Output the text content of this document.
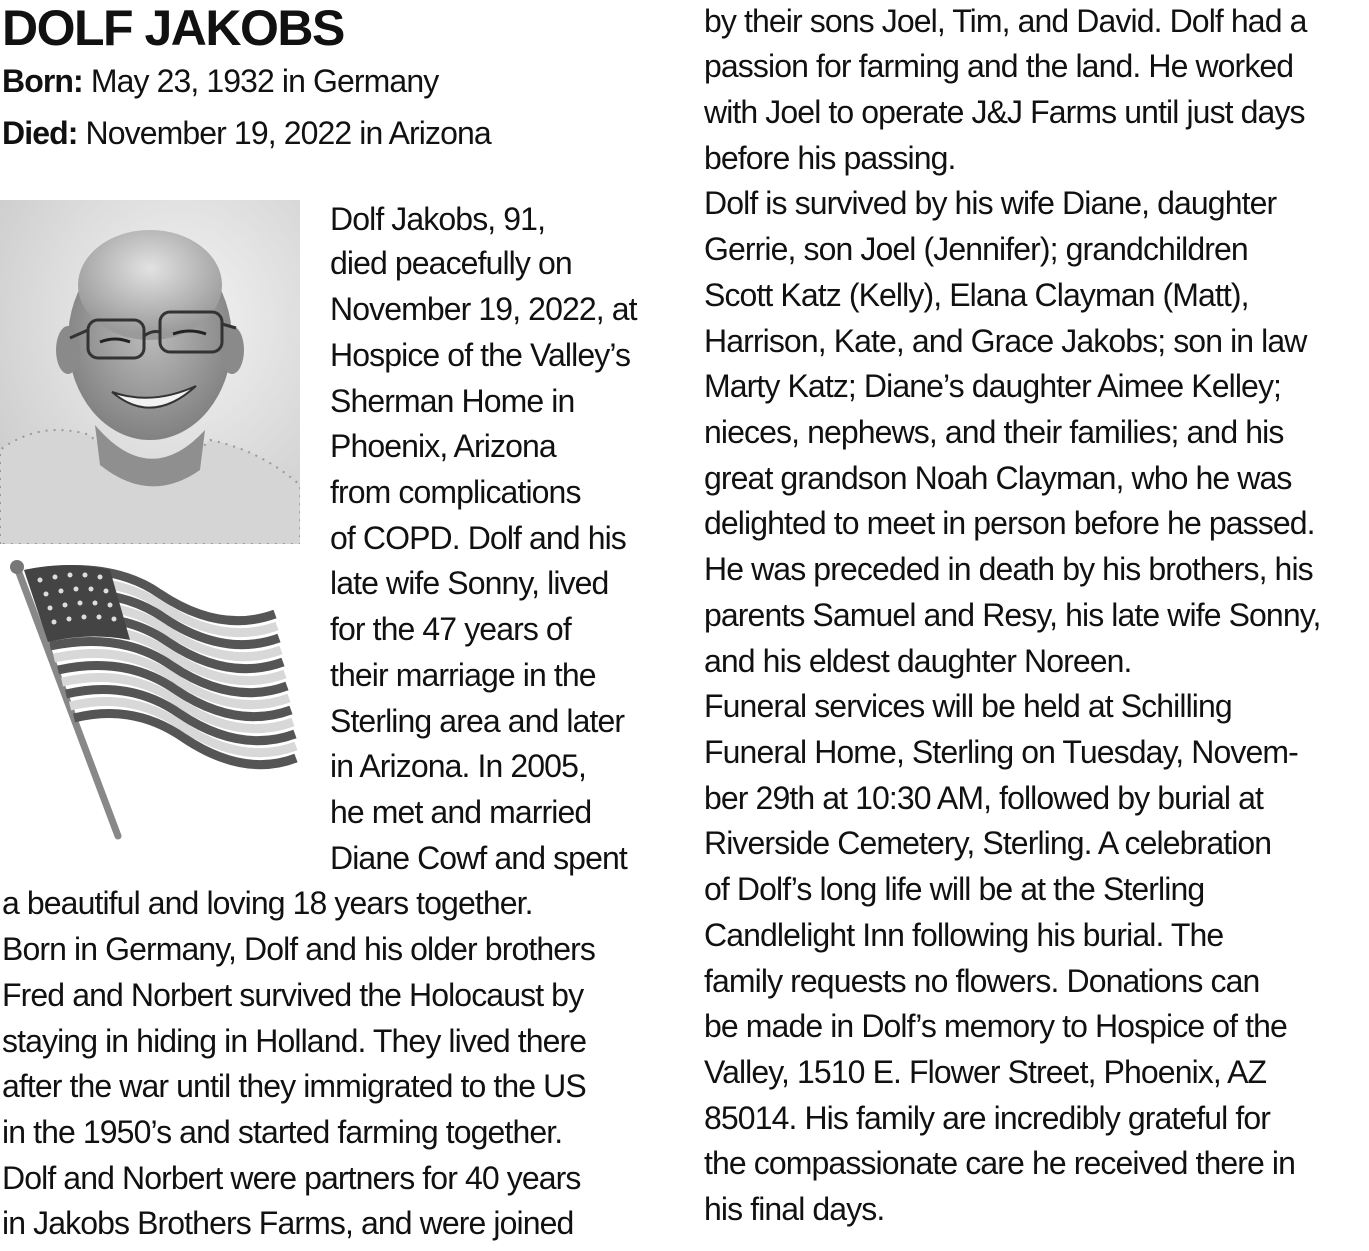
DOLF JAKOBS
Born: May 23, 1932 in Germany
Died: November 19, 2022 in Arizona
Dolf Jakobs, 91,
died peacefully on
November 19, 2022, at
Hospice of the Valley’s
Sherman Home in
Phoenix, Arizona
from complications
of COPD. Dolf and his
late wife Sonny, lived
for the 47 years of
their marriage in the
Sterling area and later
in Arizona. In 2005,
he met and married
Diane Cowf and spent
a beautiful and loving 18 years together.
Born in Germany, Dolf and his older brothers
Fred and Norbert survived the Holocaust by
staying in hiding in Holland. They lived there
after the war until they immigrated to the US
in the 1950’s and started farming together.
Dolf and Norbert were partners for 40 years
in Jakobs Brothers Farms, and were joined
by their sons Joel, Tim, and David. Dolf had a
passion for farming and the land. He worked
with Joel to operate J&J Farms until just days
before his passing.
Dolf is survived by his wife Diane, daughter
Gerrie, son Joel (Jennifer); grandchildren
Scott Katz (Kelly), Elana Clayman (Matt),
Harrison, Kate, and Grace Jakobs; son in law
Marty Katz; Diane’s daughter Aimee Kelley;
nieces, nephews, and their families; and his
great grandson Noah Clayman, who he was
delighted to meet in person before he passed.
He was preceded in death by his brothers, his
parents Samuel and Resy, his late wife Sonny,
and his eldest daughter Noreen.
Funeral services will be held at Schilling
Funeral Home, Sterling on Tuesday, Novem-
ber 29th at 10:30 AM, followed by burial at
Riverside Cemetery, Sterling. A celebration
of Dolf’s long life will be at the Sterling
Candlelight Inn following his burial. The
family requests no flowers. Donations can
be made in Dolf’s memory to Hospice of the
Valley, 1510 E. Flower Street, Phoenix, AZ
85014. His family are incredibly grateful for
the compassionate care he received there in
his final days.
